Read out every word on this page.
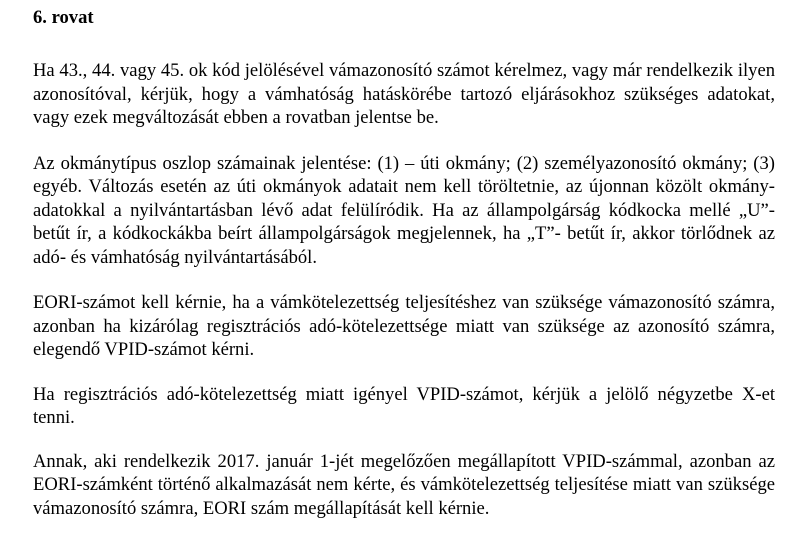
6. rovat

Ha 43., 44. vagy 45. ok kód jelölésével vámazonosító számot kérelmez, vagy már rendelkezik ilyen azonosítóval, kérjük, hogy a vámhatóság hatáskörébe tartozó eljárásokhoz szükséges adatokat, vagy ezek megváltozását ebben a rovatban jelentse be.

Az okmánytípus oszlop számainak jelentése: (1) – úti okmány; (2) személyazonosító okmány; (3) egyéb. Változás esetén az úti okmányok adatait nem kell töröltetnie, az újonnan közölt okmány-adatokkal a nyilvántartásban lévő adat felülíródik. Ha az állampolgárság kódkocka mellé „U”- betűt ír, a kódkockákba beírt állampolgárságok megjelennek, ha „T”- betűt ír, akkor törlődnek az adó- és vámhatóság nyilvántartásából.

EORI-számot kell kérnie, ha a vámkötelezettség teljesítéshez van szüksége vámazonosító számra, azonban ha kizárólag regisztrációs adó-kötelezettsége miatt van szüksége az azonosító számra, elegendő VPID-számot kérni.

Ha regisztrációs adó-kötelezettség miatt igényel VPID-számot, kérjük a jelölő négyzetbe X-et tenni.

Annak, aki rendelkezik 2017. január 1-jét megelőzően megállapított VPID-számmal, azonban az EORI-számként történő alkalmazását nem kérte, és vámkötelezettség teljesítése miatt van szüksége vámazonosító számra, EORI szám megállapítását kell kérnie.
